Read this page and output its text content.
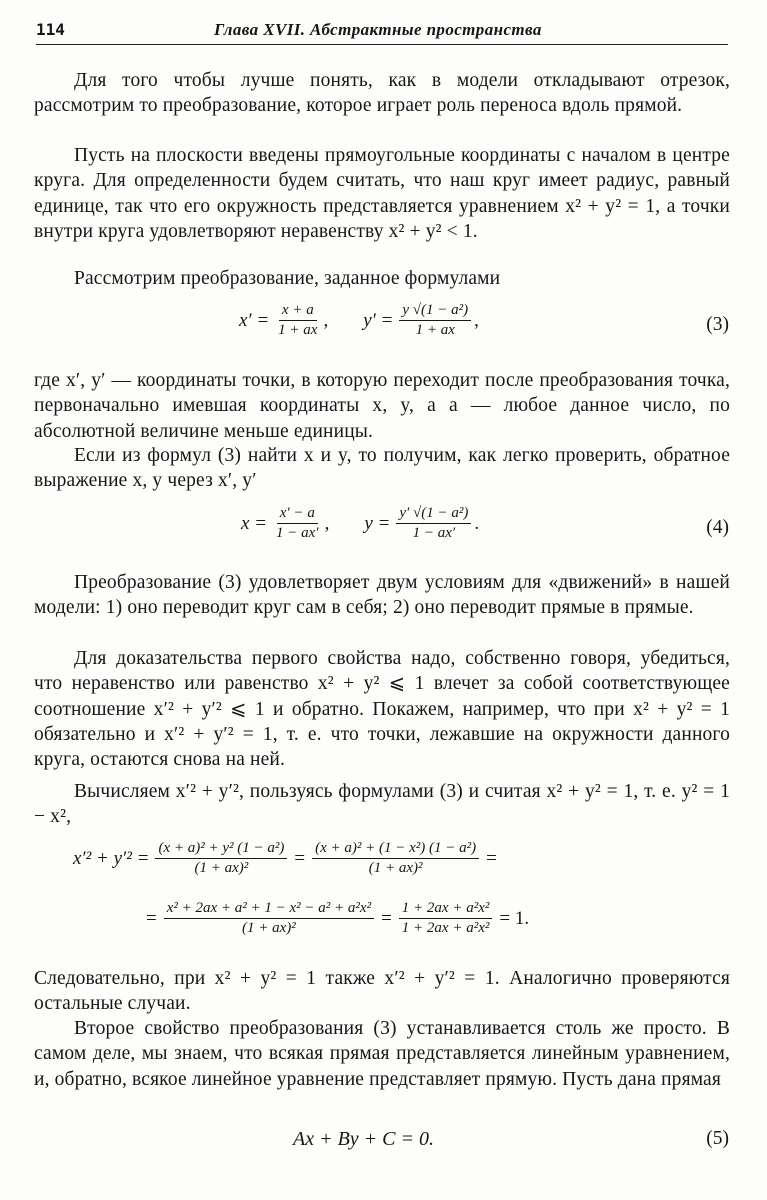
114	Глава XVII. Абстрактные пространства
Для того чтобы лучше понять, как в модели откладывают отрезок, рассмотрим то преобразование, которое играет роль переноса вдоль прямой.
Пусть на плоскости введены прямоугольные координаты с началом в центре круга. Для определенности будем считать, что наш круг имеет радиус, равный единице, так что его окружность представляется уравнением x² + y² = 1, а точки внутри круга удовлетворяют неравенству x² + y² < 1.
Рассмотрим преобразование, заданное формулами
$x' = \frac{x + a}{1 + ax}$ , $y' = \frac{\text{y √(1 − a²)}}{1 + ax}$ ,	(3)
где x′, y′ — координаты точки, в которую переходит после преобразования точка, первоначально имевшая координаты x, y, а a — любое данное число, по абсолютной величине меньше единицы.
Если из формул (3) найти x и y, то получим, как легко проверить, обратное выражение x, y через x′, y′
$x = \frac{x' - a}{1 - ax'}$ , $y = \frac{\text{y′ √(1 − a²)}}{1 - ax'}$ .	(4)
Преобразование (3) удовлетворяет двум условиям для «движений» в нашей модели: 1) оно переводит круг сам в себя; 2) оно переводит прямые в прямые.
Для доказательства первого свойства надо, собственно говоря, убедиться, что неравенство или равенство x² + y² ⩽ 1 влечет за собой соответствующее соотношение x′² + y′² ⩽ 1 и обратно. Покажем, например, что при x² + y² = 1 обязательно и x′² + y′² = 1, т. е. что точки, лежавшие на окружности данного круга, остаются снова на ней.
Вычисляем x′² + y′², пользуясь формулами (3) и считая x² + y² = 1, т. е. y² = 1 − x²,
$x'^2 + y'^2 = \frac{\text{(x + a)² + y² (1 − a²)}}{\text{(1 + ax)²}} = \frac{\text{(x + a)² + (1 − x²) (1 − a²)}}{\text{(1 + ax)²}}$ =
= $\frac{\text{x² + 2ax + a² + 1 − x² − a² + a²x²}}{\text{(1 + ax)²}} = \frac{\text{1 + 2ax + a²x²}}{\text{1 + 2ax + a²x²}} = 1$.
Следовательно, при x² + y² = 1 также x′² + y′² = 1. Аналогично проверяются остальные случаи.
Второе свойство преобразования (3) устанавливается столь же просто. В самом деле, мы знаем, что всякая прямая представляется линейным уравнением, и, обратно, всякое линейное уравнение представляет прямую. Пусть дана прямая
Ax + By + C = 0.	(5)
